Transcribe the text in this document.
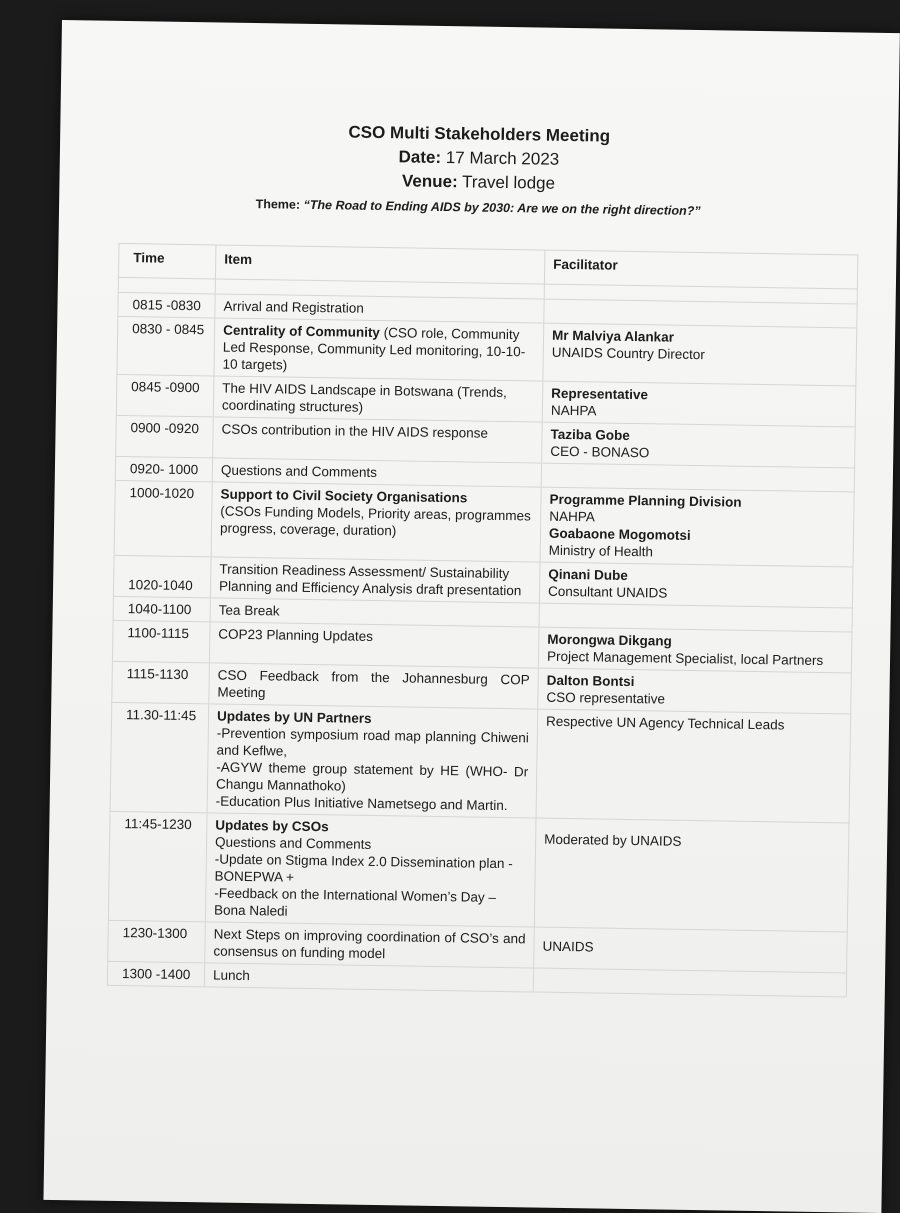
CSO Multi Stakeholders Meeting
Date: 17 March 2023
Venue: Travel lodge
Theme: “The Road to Ending AIDS by 2030: Are we on the right direction?”
Time	Item	Facilitator

0815 -0830	Arrival and Registration	
0830 - 0845	Centrality of Community (CSO role, Community Led Response, Community Led monitoring, 10-10-10 targets)	Mr Malviya Alankar
UNAIDS Country Director

0845 -0900	The HIV AIDS Landscape in Botswana (Trends, coordinating structures)	Representative
NAHPA

0900 -0920	CSOs contribution in the HIV AIDS response	Taziba Gobe
CEO - BONASO

0920- 1000	Questions and Comments	
1000-1020	Support to Civil Society Organisations
(CSOs Funding Models, Priority areas, programmes progress, coverage, duration)	Programme Planning Division
NAHPA
Goabaone Mogomotsi
Ministry of Health

1020-1040	Transition Readiness Assessment/ Sustainability Planning and Efficiency Analysis draft presentation	Qinani Dube
Consultant UNAIDS

1040-1100	Tea Break	
1100-1115	COP23 Planning Updates	Morongwa Dikgang
Project Management Specialist, local Partners

1115-1130	CSO Feedback from the Johannesburg COP Meeting	Dalton Bontsi
CSO representative

11.30-11:45	Updates by UN Partners
-Prevention symposium road map planning Chiweni and Keflwe,
-AGYW theme group statement by HE (WHO- Dr Changu Mannathoko)
-Education Plus Initiative Nametsego and Martin.	Respective UN Agency Technical Leads
11:45-1230	Updates by CSOs
Questions and Comments
-Update on Stigma Index 2.0 Dissemination plan - BONEPWA +
-Feedback on the International Women’s Day – Bona Naledi	Moderated by UNAIDS
1230-1300	Next Steps on improving coordination of CSO’s and consensus on funding model	UNAIDS
1300 -1400	Lunch	
